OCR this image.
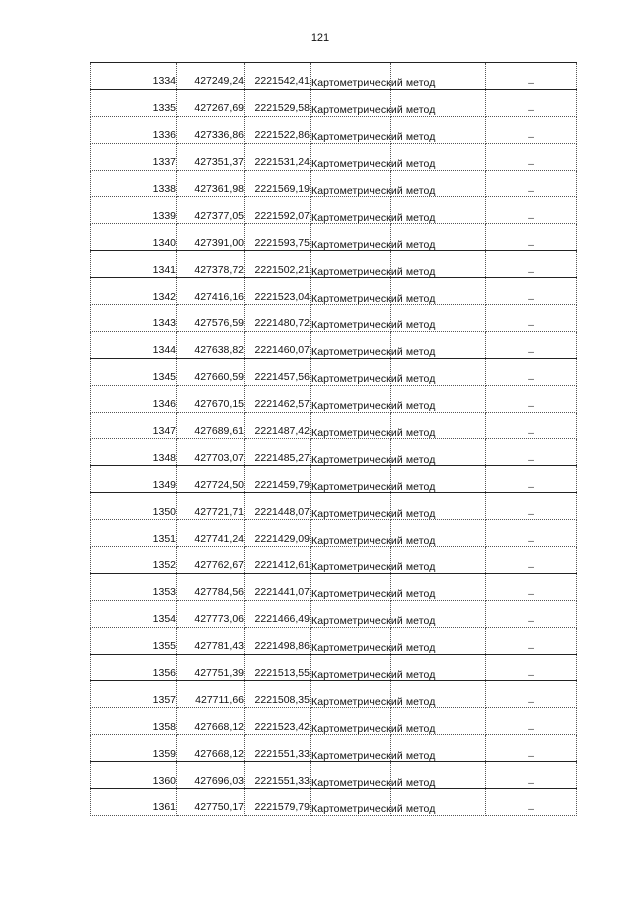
121
1334	427249,24	2221542,41	Картометрический метод		–
1335	427267,69	2221529,58	Картометрический метод		–
1336	427336,86	2221522,86	Картометрический метод		–
1337	427351,37	2221531,24	Картометрический метод		–
1338	427361,98	2221569,19	Картометрический метод		–
1339	427377,05	2221592,07	Картометрический метод		–
1340	427391,00	2221593,75	Картометрический метод		–
1341	427378,72	2221502,21	Картометрический метод		–
1342	427416,16	2221523,04	Картометрический метод		–
1343	427576,59	2221480,72	Картометрический метод		–
1344	427638,82	2221460,07	Картометрический метод		–
1345	427660,59	2221457,56	Картометрический метод		–
1346	427670,15	2221462,57	Картометрический метод		–
1347	427689,61	2221487,42	Картометрический метод		–
1348	427703,07	2221485,27	Картометрический метод		–
1349	427724,50	2221459,79	Картометрический метод		–
1350	427721,71	2221448,07	Картометрический метод		–
1351	427741,24	2221429,09	Картометрический метод		–
1352	427762,67	2221412,61	Картометрический метод		–
1353	427784,56	2221441,07	Картометрический метод		–
1354	427773,06	2221466,49	Картометрический метод		–
1355	427781,43	2221498,86	Картометрический метод		–
1356	427751,39	2221513,55	Картометрический метод		–
1357	427711,66	2221508,35	Картометрический метод		–
1358	427668,12	2221523,42	Картометрический метод		–
1359	427668,12	2221551,33	Картометрический метод		–
1360	427696,03	2221551,33	Картометрический метод		–
1361	427750,17	2221579,79	Картометрический метод		–
